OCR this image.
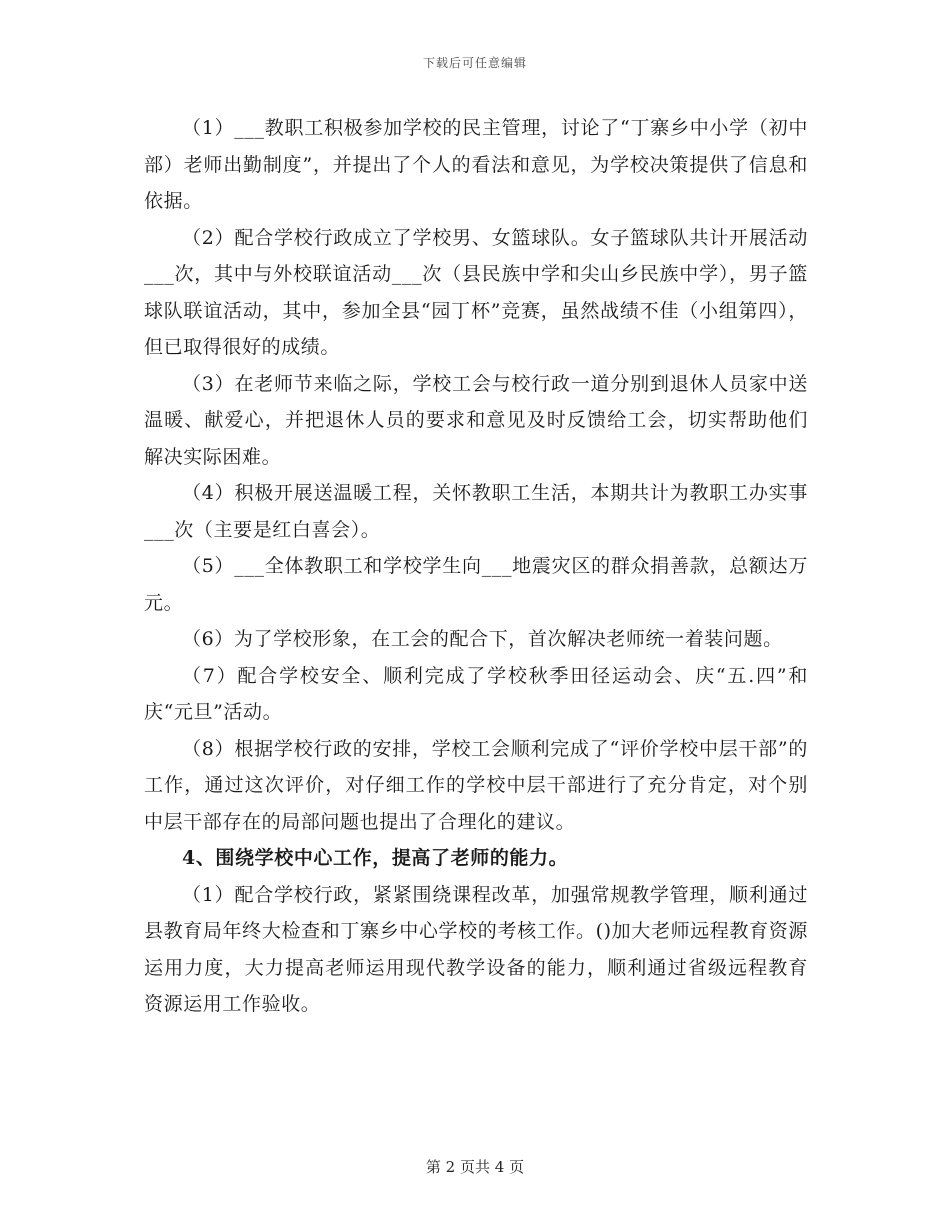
下载后可任意编辑

（1）___教职工积极参加学校的民主管理，讨论了“丁寨乡中小学（初中部）老师出勤制度”，并提出了个人的看法和意见，为学校决策提供了信息和依据。

（2）配合学校行政成立了学校男、女篮球队。女子篮球队共计开展活动___次，其中与外校联谊活动___次（县民族中学和尖山乡民族中学），男子篮球队联谊活动，其中，参加全县“园丁杯”竞赛，虽然战绩不佳（小组第四），但已取得很好的成绩。

（3）在老师节来临之际，学校工会与校行政一道分别到退休人员家中送温暖、献爱心，并把退休人员的要求和意见及时反馈给工会，切实帮助他们解决实际困难。

（4）积极开展送温暖工程，关怀教职工生活，本期共计为教职工办实事___次（主要是红白喜会）。

（5）___全体教职工和学校学生向___地震灾区的群众捐善款，总额达万元。

（6）为了学校形象，在工会的配合下，首次解决老师统一着装问题。

（7）配合学校安全、顺利完成了学校秋季田径运动会、庆“五.四”和庆“元旦”活动。

（8）根据学校行政的安排，学校工会顺利完成了“评价学校中层干部”的工作，通过这次评价，对仔细工作的学校中层干部进行了充分肯定，对个别中层干部存在的局部问题也提出了合理化的建议。

4、围绕学校中心工作，提高了老师的能力。

（1）配合学校行政，紧紧围绕课程改革，加强常规教学管理，顺利通过县教育局年终大检查和丁寨乡中心学校的考核工作。()加大老师远程教育资源运用力度，大力提高老师运用现代教学设备的能力，顺利通过省级远程教育资源运用工作验收。

第 2 页共 4 页
